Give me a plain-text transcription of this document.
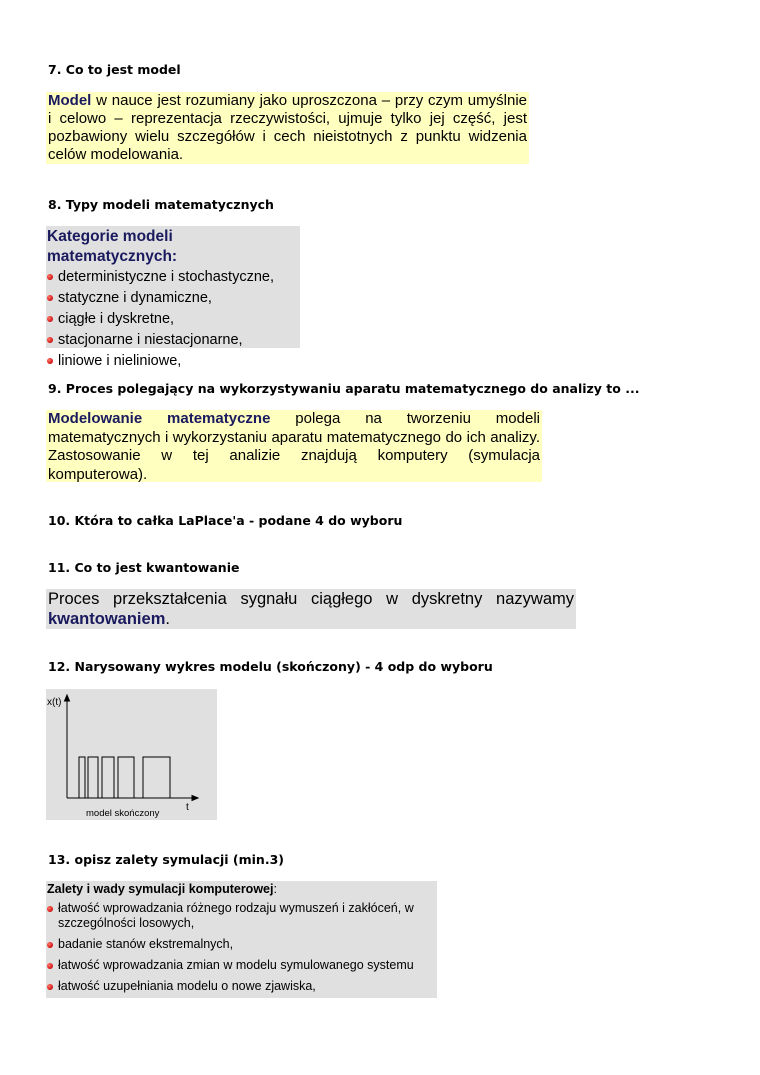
7. Co to jest model
Model w nauce jest rozumiany jako uproszczona – przy czym umyślnie i celowo – reprezentacja rzeczywistości, ujmuje tylko jej część, jest pozbawiony wielu szczegółów i cech nieistotnych z punktu widzenia celów modelowania.
8. Typy modeli matematycznych
Kategorie modeli matematycznych:
deterministyczne i stochastyczne,
statyczne i dynamiczne,
ciągłe i dyskretne,
stacjonarne i niestacjonarne,
liniowe i nieliniowe,
9. Proces polegający na wykorzystywaniu aparatu matematycznego do analizy to ...
Modelowanie matematyczne polega na tworzeniu modeli matematycznych i wykorzystaniu aparatu matematycznego do ich analizy. Zastosowanie w tej analizie znajdują komputery (symulacja komputerowa).
10. Która to całka LaPlace'a - podane 4 do wyboru
11. Co to jest kwantowanie
Proces przekształcenia sygnału ciągłego w dyskretny nazywamy kwantowaniem.
12. Narysowany wykres modelu (skończony) - 4 odp do wyboru
x(t)
t
model skończony
13. opisz zalety symulacji (min.3)
Zalety i wady symulacji komputerowej:
łatwość wprowadzania różnego rodzaju wymuszeń i zakłóceń, w szczególności losowych,
badanie stanów ekstremalnych,
łatwość wprowadzania zmian w modelu symulowanego systemu
łatwość uzupełniania modelu o nowe zjawiska,
